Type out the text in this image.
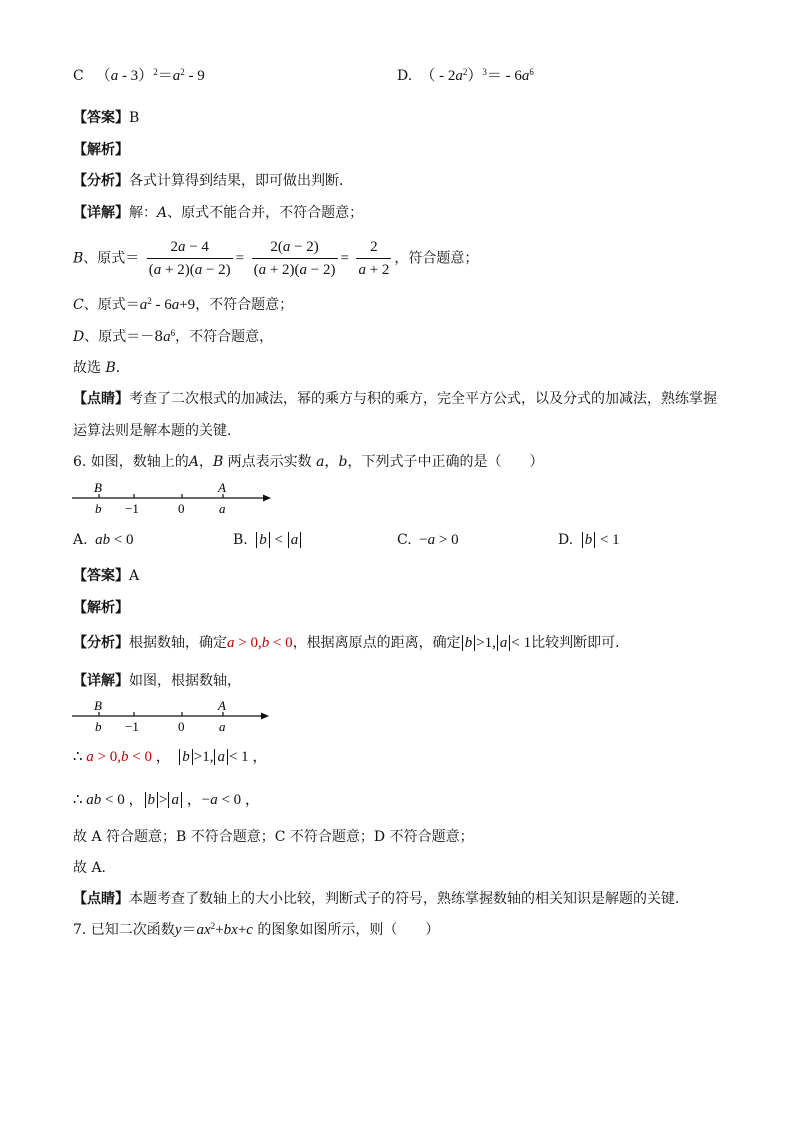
C   $(a - 3)^2=a^2 - 9$	D.  （ - $2a^2)^3= - 6a^6$
【答案】B
【解析】
【分析】各式计算得到结果，即可做出判断．
【详解】解：A、原式不能合并，不符合题意；
B、原式＝ $\frac{2a - 4}{(a + 2)(a - 2)} = \frac{2(a - 2)}{(a + 2)(a - 2)} = \frac{2}{a + 2}$ ，符合题意；
C、原式$=a^2 - 6a+9$，不符合题意；
D、原式$=-8a^6$，不符合题意，
故选 B．
【点睛】考查了二次根式的加减法，幂的乘方与积的乘方，完全平方公式，以及分式的加减法，熟练掌握
运算法则是解本题的关键．
6. 如图，数轴上的A，B 两点表示实数 a，b，下列式子中正确的是（　　）
B	A
b −1	0	a
A. ab < 0	B. b < a	C.  −a > 0	D. b < 1
【答案】A
【解析】
【分析】根据数轴，确定a > 0,b < 0，根据离原点的距离，确定 b >1, a < 1比较判断即可．
【详解】如图，根据数轴，
B	A
b −1	0	a
∴ a > 0,b < 0 ，  b >1, a < 1 ，
∴ ab < 0 ， b > a ，−a < 0 ，
故 A 符合题意；B 不符合题意；C 不符合题意；D 不符合题意；
故 A．
【点睛】本题考查了数轴上的大小比较，判断式子的符号，熟练掌握数轴的相关知识是解题的关键．
7. 已知二次函数$y=ax^2+bx+c$ 的图象如图所示，则（　　）
